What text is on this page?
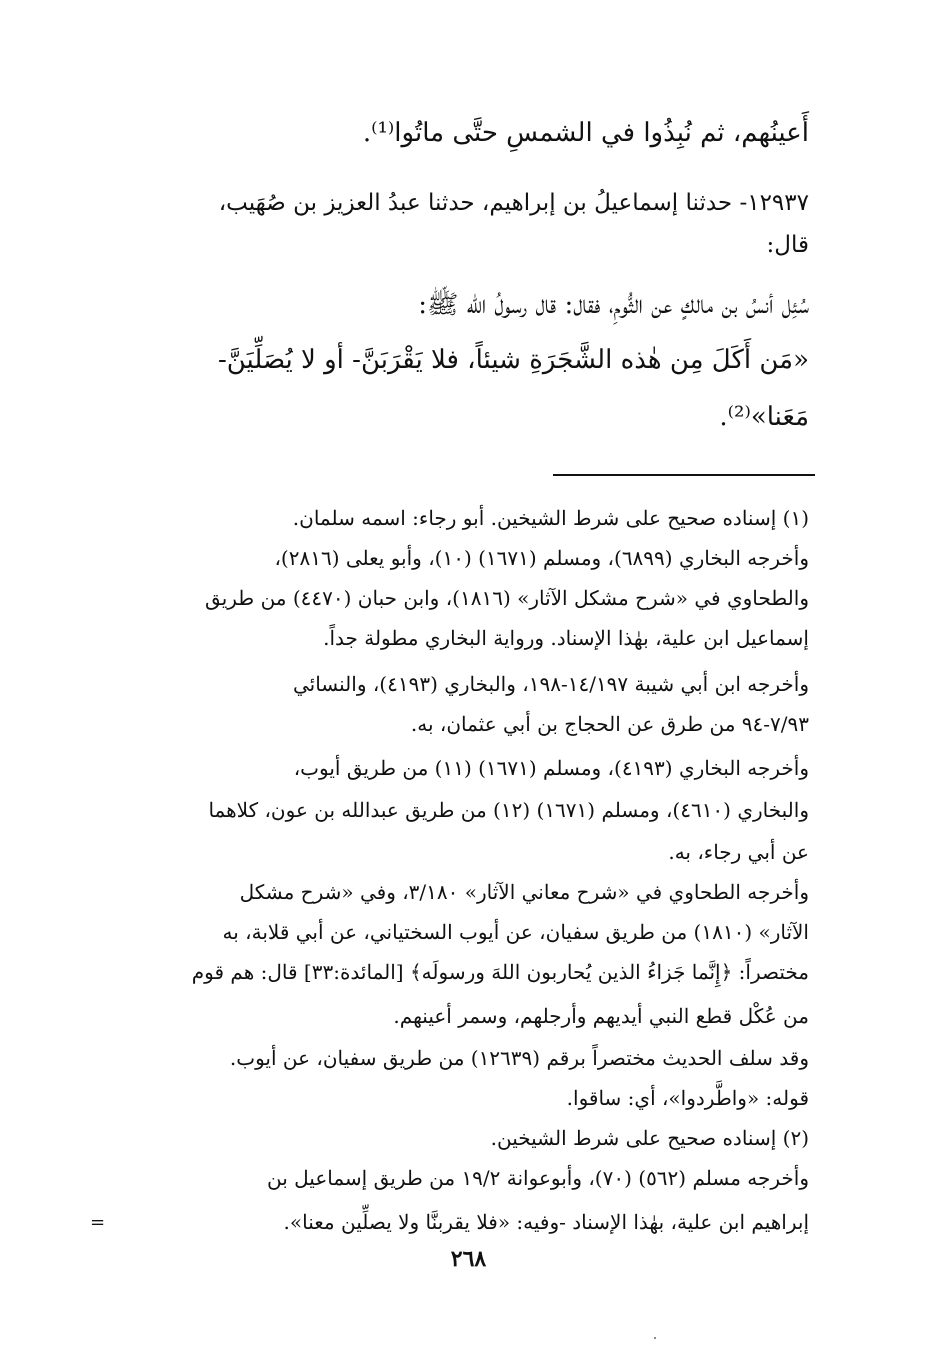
أَعينُهم، ثم نُبِذُوا في الشمسِ حتَّى ماتُوا⁽¹⁾.
١٢٩٣٧- حدثنا إسماعيلُ بن إبراهيم، حدثنا عبدُ العزيز بن صُهَيب،
قال:
سُئِل أنسُ بن مالكٍ عن الثُّومِ، فقال: قال رسولُ الله ﷺ:
«مَن أَكَلَ مِن هٰذه الشَّجَرَةِ شيئاً، فلا يَقْرَبَنَّ- أو لا يُصَلِّيَنَّ-
مَعَنا»⁽²⁾.
(١) إسناده صحيح على شرط الشيخين. أبو رجاء: اسمه سلمان.
وأخرجه البخاري (٦٨٩٩)، ومسلم (١٦٧١) (١٠)، وأبو يعلى (٢٨١٦)،
والطحاوي في «شرح مشكل الآثار» (١٨١٦)، وابن حبان (٤٤٧٠) من طريق
إسماعيل ابن علية، بهٰذا الإسناد. ورواية البخاري مطولة جداً.
وأخرجه ابن أبي شيبة ١٤/١٩٧-١٩٨، والبخاري (٤١٩٣)، والنسائي
٧/٩٣-٩٤ من طرق عن الحجاج بن أبي عثمان، به.
وأخرجه البخاري (٤١٩٣)، ومسلم (١٦٧١) (١١) من طريق أيوب،
والبخاري (٤٦١٠)، ومسلم (١٦٧١) (١٢) من طريق عبدالله بن عون، كلاهما
عن أبي رجاء، به.
وأخرجه الطحاوي في «شرح معاني الآثار» ٣/١٨٠، وفي «شرح مشكل
الآثار» (١٨١٠) من طريق سفيان، عن أيوب السختياني، عن أبي قلابة، به
مختصراً: ﴿إِنَّما جَزاءُ الذين يُحاربون اللهَ ورسولَه﴾ [المائدة:٣٣] قال: هم قوم
من عُكْل قطع النبي أيديهم وأرجلهم، وسمر أعينهم.
وقد سلف الحديث مختصراً برقم (١٢٦٣٩) من طريق سفيان، عن أيوب.
قوله: «واطَّردوا»، أي: ساقوا.
(٢) إسناده صحيح على شرط الشيخين.
وأخرجه مسلم (٥٦٢) (٧٠)، وأبوعوانة ١٩/٢ من طريق إسماعيل بن
إبراهيم ابن علية، بهٰذا الإسناد -وفيه: «فلا يقربنَّا ولا يصلِّين معنا».
=
٢٦٨
